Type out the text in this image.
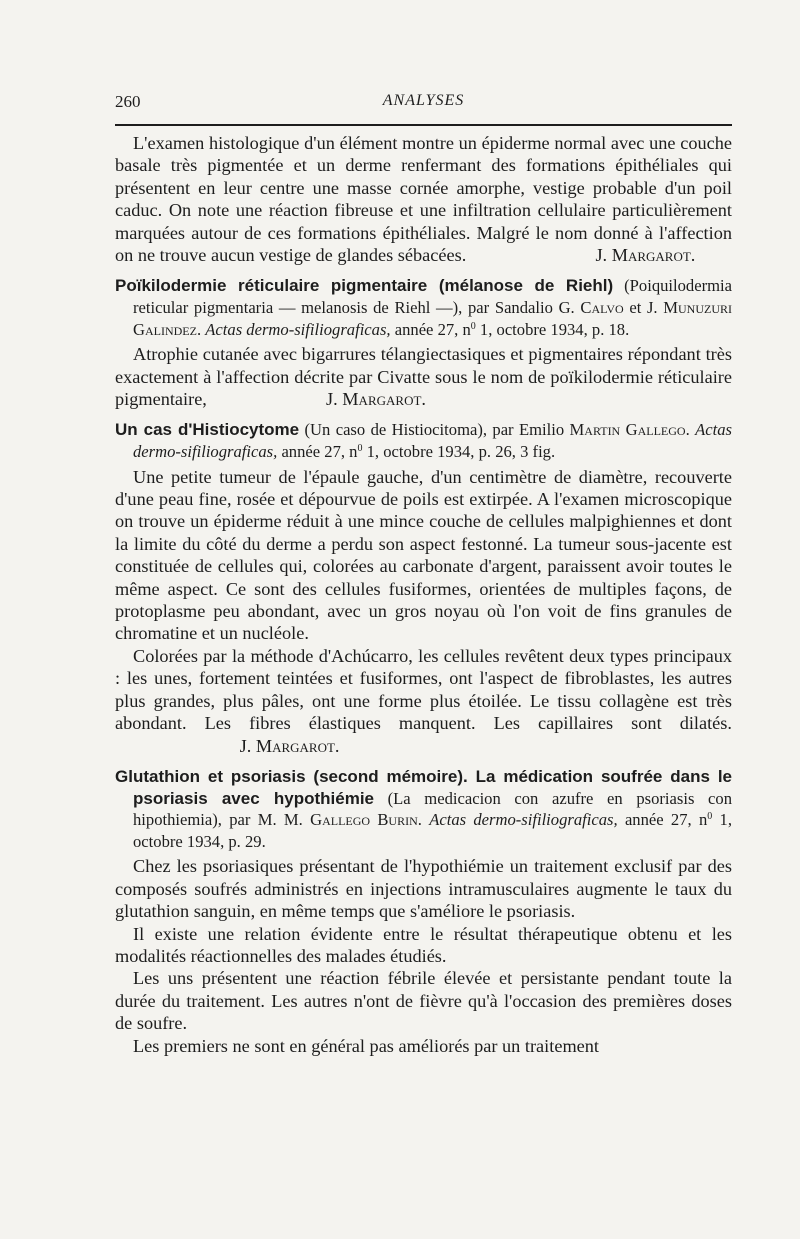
260	ANALYSES

L'examen histologique d'un élément montre un épiderme normal avec une couche basale très pigmentée et un derme renfermant des formations épithéliales qui présentent en leur centre une masse cornée amorphe, vestige probable d'un poil caduc. On note une réaction fibreuse et une infiltration cellulaire particulièrement marquées autour de ces formations épithéliales. Malgré le nom donné à l'affection on ne trouve aucun vestige de glandes sébacées.	J. Margarot.

Poïkilodermie réticulaire pigmentaire (mélanose de Riehl) (Poiquilodermia reticular pigmentaria — melanosis de Riehl —), par Sandalio G. Calvo et J. Munuzuri Galindez. Actas dermo-sifiliograficas, année 27, $n^0$ 1, octobre 1934, p. 18.

Atrophie cutanée avec bigarrures télangiectasiques et pigmentaires répondant très exactement à l'affection décrite par Civatte sous le nom de poïkilodermie réticulaire pigmentaire,	J. Margarot.

Un cas d'Histiocytome (Un caso de Histiocitoma), par Emilio Martin Gallego. Actas dermo-sifiliograficas, année 27, $n^0$ 1, octobre 1934, p. 26, 3 fig.

Une petite tumeur de l'épaule gauche, d'un centimètre de diamètre, recouverte d'une peau fine, rosée et dépourvue de poils est extirpée. A l'examen microscopique on trouve un épiderme réduit à une mince couche de cellules malpighiennes et dont la limite du côté du derme a perdu son aspect festonné. La tumeur sous-jacente est constituée de cellules qui, colorées au carbonate d'argent, paraissent avoir toutes le même aspect. Ce sont des cellules fusiformes, orientées de multiples façons, de protoplasme peu abondant, avec un gros noyau où l'on voit de fins granules de chromatine et un nucléole.

Colorées par la méthode d'Achúcarro, les cellules revêtent deux types principaux : les unes, fortement teintées et fusiformes, ont l'aspect de fibroblastes, les autres plus grandes, plus pâles, ont une forme plus étoilée. Le tissu collagène est très abondant. Les fibres élastiques manquent. Les capillaires sont dilatés.  J. Margarot.

Glutathion et psoriasis (second mémoire). La médication soufrée dans le psoriasis avec hypothiémie (La medicacion con azufre en psoriasis con hipothiemia), par M. M. Gallego Burin. Actas dermo-sifiliograficas, année 27, $n^0$ 1, octobre 1934, p. 29.

Chez les psoriasiques présentant de l'hypothiémie un traitement exclusif par des composés soufrés administrés en injections intramusculaires augmente le taux du glutathion sanguin, en même temps que s'améliore le psoriasis.

Il existe une relation évidente entre le résultat thérapeutique obtenu et les modalités réactionnelles des malades étudiés.

Les uns présentent une réaction fébrile élevée et persistante pendant toute la durée du traitement. Les autres n'ont de fièvre qu'à l'occasion des premières doses de soufre.

Les premiers ne sont en général pas améliorés par un traitement
